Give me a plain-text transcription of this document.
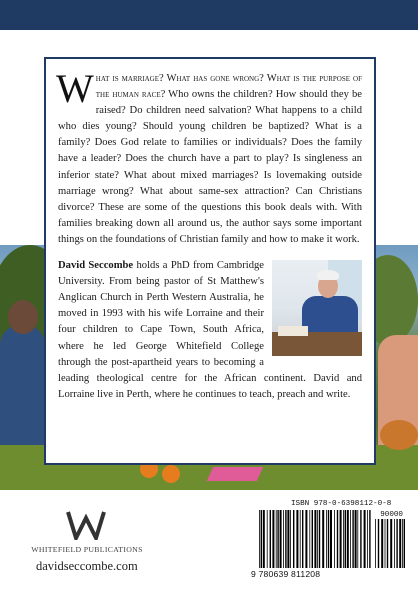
What is marriage? What has gone wrong? What is the purpose of the human race? Who owns the children? How should they be raised? Do children need salvation? What happens to a child who dies young? Should young children be baptized? What is a family? Does God relate to families or individuals? Does the family have a leader? Does the church have a part to play? Is singleness an inferior state? What about mixed marriages? Is lovemaking outside marriage wrong? What about same-sex attraction? Can Christians divorce? These are some of the questions this book deals with. With families breaking down all around us, the author says some important things on the foundations of Christian family and how to make it work.

David Seccombe holds a PhD from Cambridge University. From being pastor of St Matthew's Anglican Church in Perth Western Australia, he moved in 1993 with his wife Lorraine and their four children to Cape Town, South Africa, where he led George Whitefield College through the post-apartheid years to becoming a leading theological centre for the African continent. David and Lorraine live in Perth, where he continues to teach, preach and write.
WHITEFIELD PUBLICATIONS
davidseccombe.com
ISBN 978-0-6398112-0-8
90000
9 780639 811208
